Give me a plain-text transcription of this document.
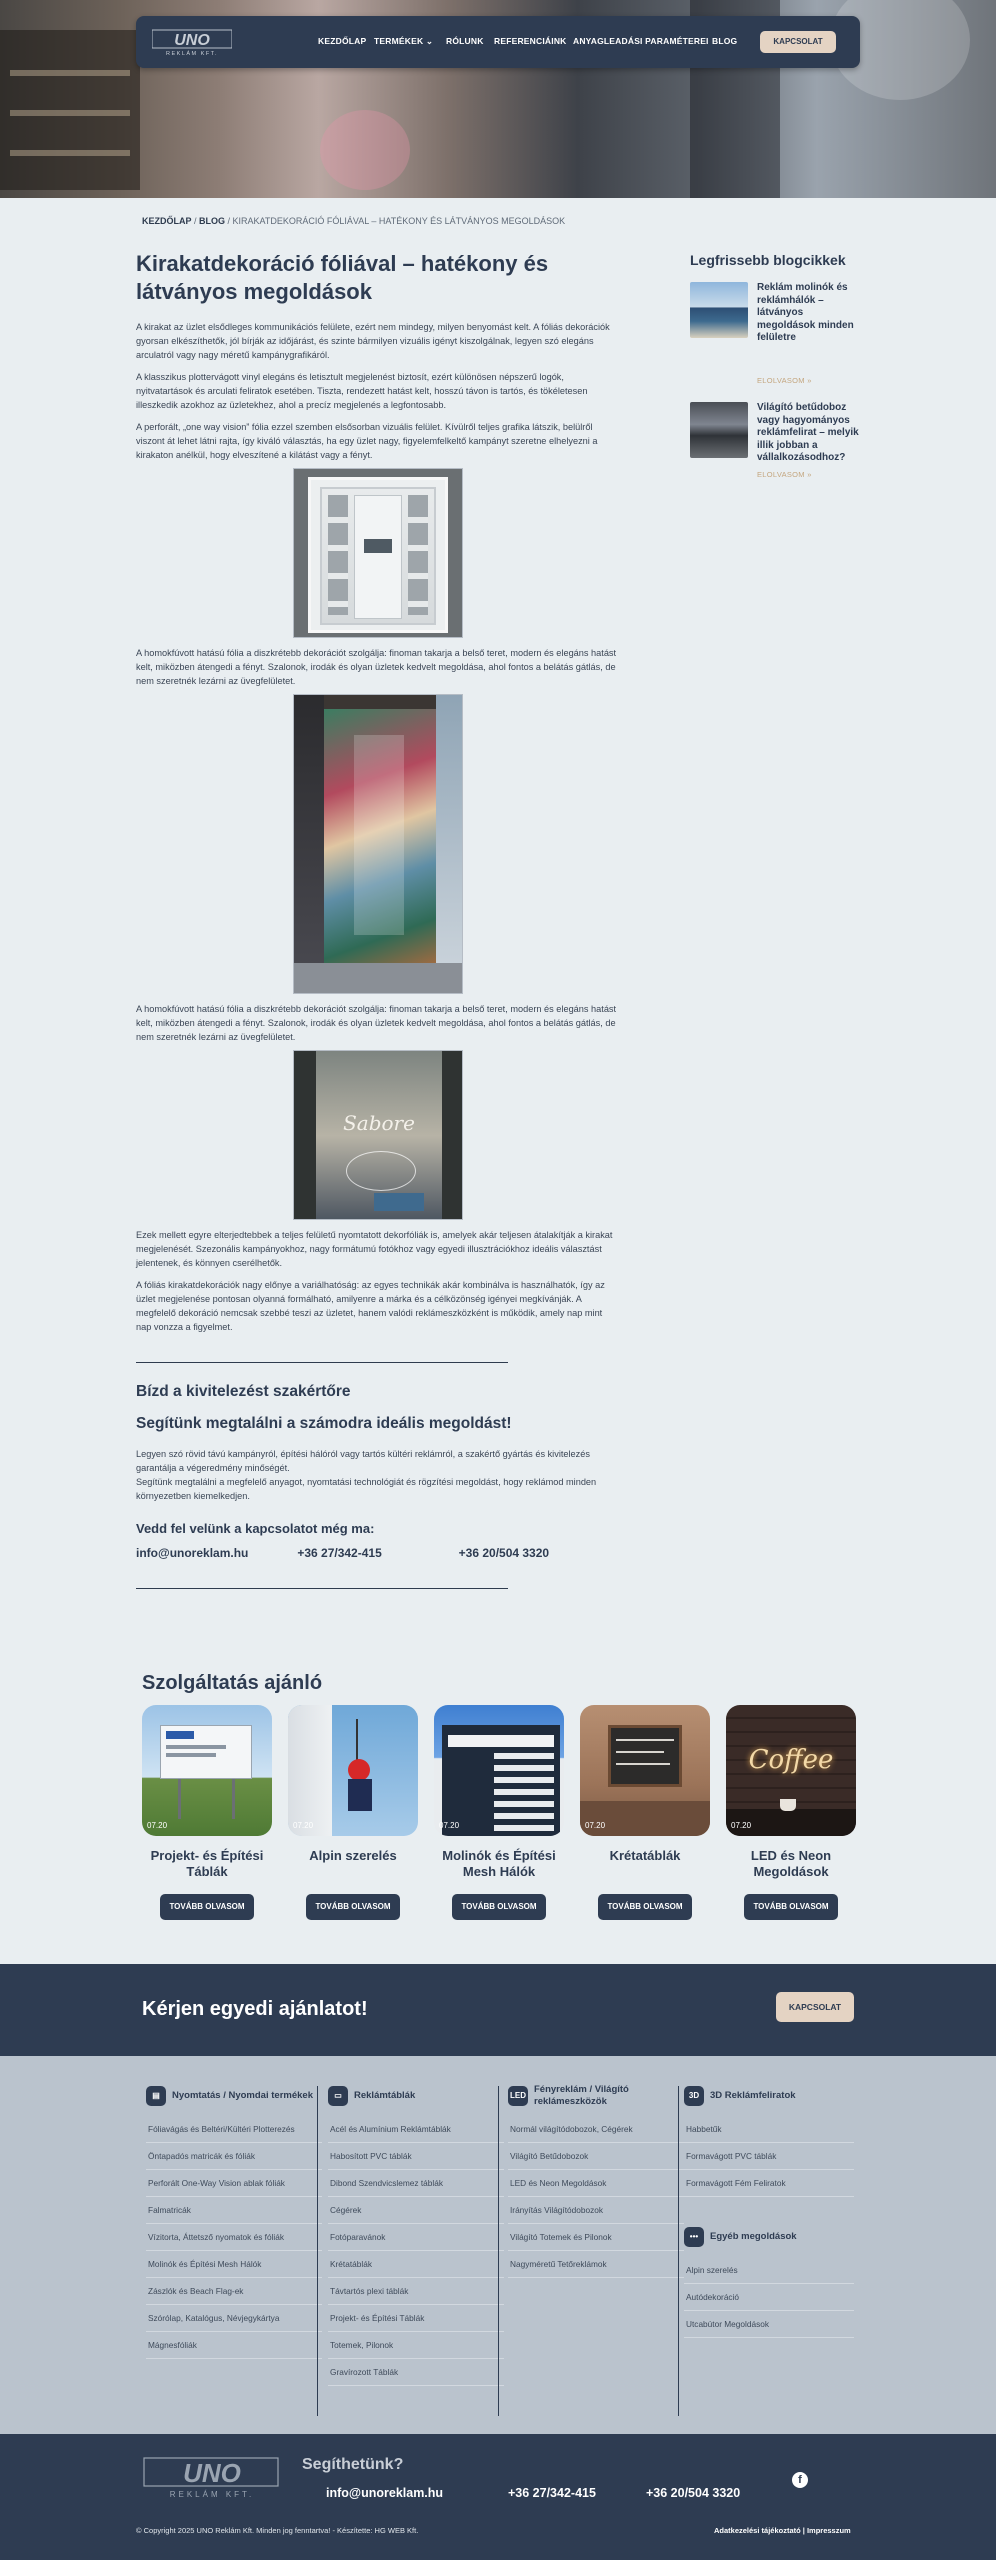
UNO
REKLÁM KFT.
KEZDŐLAP TERMÉKEK ⌄ RÓLUNK REFERENCIÁINK ANYAGLEADÁSI PARAMÉTEREI BLOG	KAPCSOLAT
KEZDŐLAP / BLOG / KIRAKATDEKORÁCIÓ FÓLIÁVAL – HATÉKONY ÉS LÁTVÁNYOS MEGOLDÁSOK
Kirakatdekoráció fóliával – hatékony és látványos megoldások

A kirakat az üzlet elsődleges kommunikációs felülete, ezért nem mindegy, milyen benyomást kelt. A fóliás dekorációk gyorsan elkészíthetők, jól bírják az időjárást, és szinte bármilyen vizuális igényt kiszolgálnak, legyen szó elegáns arculatról vagy nagy méretű kampánygrafikáról.

A klasszikus plottervágott vinyl elegáns és letisztult megjelenést biztosít, ezért különösen népszerű logók, nyitvatartások és arculati feliratok esetében. Tiszta, rendezett hatást kelt, hosszú távon is tartós, és tökéletesen illeszkedik azokhoz az üzletekhez, ahol a precíz megjelenés a legfontosabb.

A perforált, „one way vision” fólia ezzel szemben elsősorban vizuális felület. Kívülről teljes grafika látszik, belülről viszont át lehet látni rajta, így kiváló választás, ha egy üzlet nagy, figyelemfelkeltő kampányt szeretne elhelyezni a kirakaton anélkül, hogy elveszítené a kilátást vagy a fényt.

A homokfúvott hatású fólia a diszkrétebb dekorációt szolgálja: finoman takarja a belső teret, modern és elegáns hatást kelt, miközben átengedi a fényt. Szalonok, irodák és olyan üzletek kedvelt megoldása, ahol fontos a belátás gátlás, de nem szeretnék lezárni az üvegfelületet.

A homokfúvott hatású fólia a diszkrétebb dekorációt szolgálja: finoman takarja a belső teret, modern és elegáns hatást kelt, miközben átengedi a fényt. Szalonok, irodák és olyan üzletek kedvelt megoldása, ahol fontos a belátás gátlás, de nem szeretnék lezárni az üvegfelületet.

Sabore

Ezek mellett egyre elterjedtebbek a teljes felületű nyomtatott dekorfóliák is, amelyek akár teljesen átalakítják a kirakat megjelenését. Szezonális kampányokhoz, nagy formátumú fotókhoz vagy egyedi illusztrációkhoz ideális választást jelentenek, és könnyen cserélhetők.

A fóliás kirakatdekorációk nagy előnye a variálhatóság: az egyes technikák akár kombinálva is használhatók, így az üzlet megjelenése pontosan olyanná formálható, amilyenre a márka és a célközönség igényei megkívánják. A megfelelő dekoráció nemcsak szebbé teszi az üzletet, hanem valódi reklámeszközként is működik, amely nap mint nap vonzza a figyelmet.

Bízd a kivitelezést szakértőre
Segítünk megtalálni a számodra ideális megoldást!

Legyen szó rövid távú kampányról, építési hálóról vagy tartós kültéri reklámról, a szakértő gyártás és kivitelezés garantálja a végeredmény minőségét.

Segítünk megtalálni a megfelelő anyagot, nyomtatási technológiát és rögzítési megoldást, hogy reklámod minden környezetben kiemelkedjen.

Vedd fel velünk a kapcsolatot még ma:
info@unoreklam.hu	+36 27/342-415	+36 20/504 3320
Legfrissebb blogcikkek
Reklám molinók és reklámhálók – látványos megoldások minden felületre
ELOLVASOM »
Világító betűdoboz vagy hagyományos reklámfelirat – melyik illik jobban a vállalkozásodhoz?
ELOLVASOM »
Szolgáltatás ajánló
07.20
Projekt- és Építési Táblák
TOVÁBB OLVASOM
07.20
Alpin szerelés
TOVÁBB OLVASOM
07.20
Molinók és Építési Mesh Hálók
TOVÁBB OLVASOM
07.20
Krétatáblák
TOVÁBB OLVASOM
Coffee
07.20
LED és Neon Megoldások
TOVÁBB OLVASOM
Kérjen egyedi ajánlatot!	KAPCSOLAT
▤	Nyomtatás / Nyomdai termékek
Fóliavágás és Beltéri/Kültéri Plotterezés
Öntapadós matricák és fóliák
Perforált One-Way Vision ablak fóliák
Falmatricák
Vízitorta, Áttetsző nyomatok és fóliák
Molinók és Építési Mesh Hálók
Zászlók és Beach Flag-ek
Szórólap, Katalógus, Névjegykártya
Mágnesfóliák
▭	Reklámtáblák
Acél és Alumínium Reklámtáblák
Habosított PVC táblák
Dibond Szendvicslemez táblák
Cégérek
Fotóparavánok
Krétatáblák
Távtartós plexi táblák
Projekt- és Építési Táblák
Totemek, Pilonok
Gravírozott Táblák
LED
Fényreklám / Világító reklámeszközök
Normál világítódobozok, Cégérek
Világító Betűdobozok
LED és Neon Megoldások
Irányítás Világítódobozok
Világító Totemek és Pilonok
Nagyméretű Tetőreklámok
3D	3D Reklámfeliratok
Habbetűk
Formavágott PVC táblák
Formavágott Fém Feliratok
•••	Egyéb megoldások
Alpin szerelés
Autódekoráció
Utcabútor Megoldások
UNO
REKLÁM KFT.
Segíthetünk?
info@unoreklam.hu	+36 27/342-415	+36 20/504 3320
f
© Copyright 2025 UNO Reklám Kft. Minden jog fenntartva! - Készítette: HG WEB Kft.	Adatkezelési tájékoztató | Impresszum
